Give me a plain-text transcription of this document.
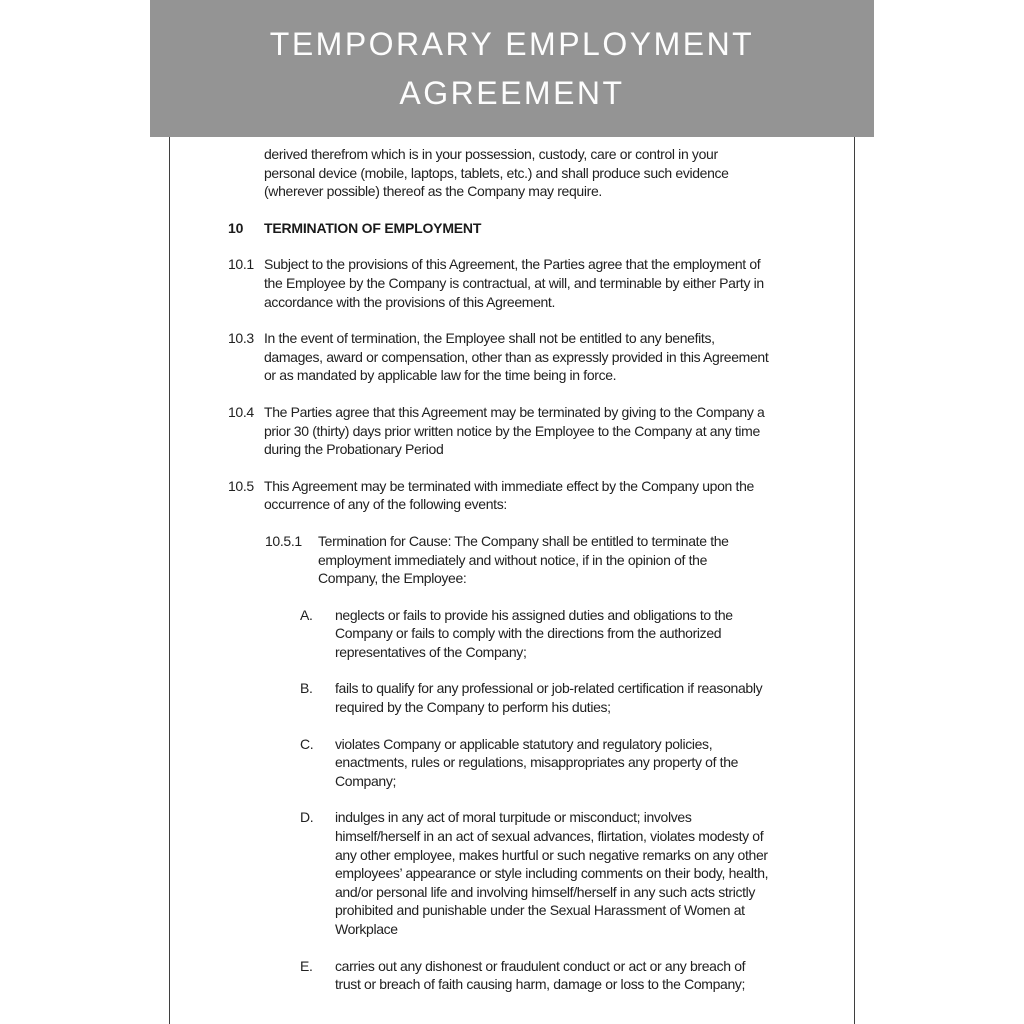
TEMPORARY EMPLOYMENT
AGREEMENT
derived therefrom which is in your possession, custody, care or control in your
personal device (mobile, laptops, tablets, etc.) and shall produce such evidence
(wherever possible) thereof as the Company may require.
10	TERMINATION OF EMPLOYMENT
10.1 Subject to the provisions of this Agreement, the Parties agree that the employment of
the Employee by the Company is contractual, at will, and terminable by either Party in
accordance with the provisions of this Agreement.
10.3 In the event of termination, the Employee shall not be entitled to any benefits,
damages, award or compensation, other than as expressly provided in this Agreement
or as mandated by applicable law for the time being in force.
10.4 The Parties agree that this Agreement may be terminated by giving to the Company a
prior 30 (thirty) days prior written notice by the Employee to the Company at any time
during the Probationary Period
10.5 This Agreement may be terminated with immediate effect by the Company upon the
occurrence of any of the following events:
10.5.1	Termination for Cause: The Company shall be entitled to terminate the
employment immediately and without notice, if in the opinion of the
Company, the Employee:
A.	neglects or fails to provide his assigned duties and obligations to the
Company or fails to comply with the directions from the authorized
representatives of the Company;
B.	fails to qualify for any professional or job-related certification if reasonably
required by the Company to perform his duties;
C.	violates Company or applicable statutory and regulatory policies,
enactments, rules or regulations, misappropriates any property of the
Company;
D.	indulges in any act of moral turpitude or misconduct; involves
himself/herself in an act of sexual advances, flirtation, violates modesty of
any other employee, makes hurtful or such negative remarks on any other
employees’ appearance or style including comments on their body, health,
and/or personal life and involving himself/herself in any such acts strictly
prohibited and punishable under the Sexual Harassment of Women at
Workplace
E.	carries out any dishonest or fraudulent conduct or act or any breach of
trust or breach of faith causing harm, damage or loss to the Company;
